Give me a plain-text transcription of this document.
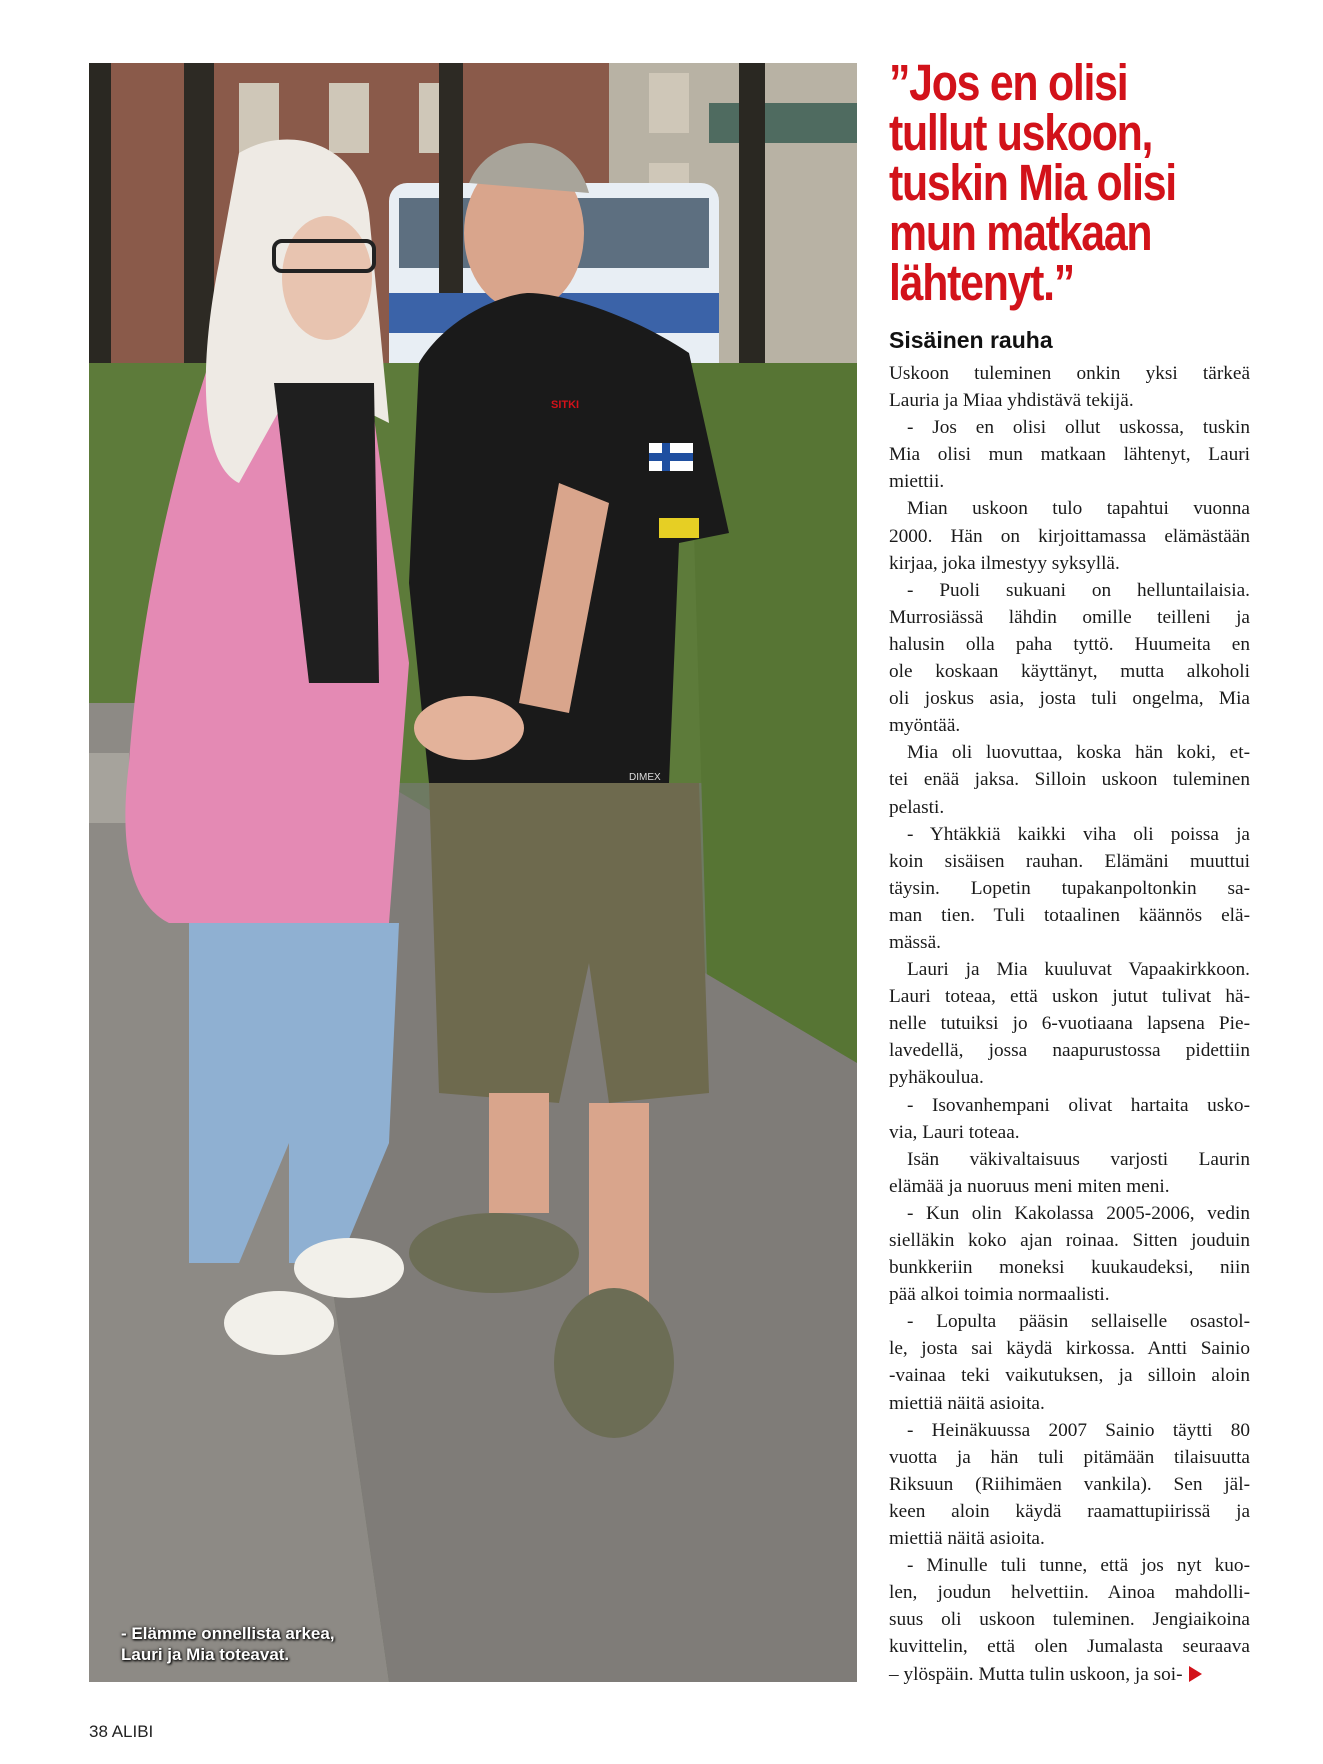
SITKI
DIMEX
- Elämme onnellista arkea,
Lauri ja Mia toteavat.
”Jos en olisi
tullut uskoon,
tuskin Mia olisi
mun matkaan
lähtenyt.”
Sisäinen rauha

Uskoon tuleminen onkin yksi tärkeä

Lauria ja Miaa yhdistävä tekijä.

- Jos en olisi ollut uskossa, tuskin

Mia olisi mun matkaan lähtenyt, Lauri

miettii.

Mian uskoon tulo tapahtui vuonna

2000. Hän on kirjoittamassa elämästään

kirjaa, joka ilmestyy syksyllä.

- Puoli sukuani on helluntailaisia.

Murrosiässä lähdin omille teilleni ja

halusin olla paha tyttö. Huumeita en

ole koskaan käyttänyt, mutta alkoholi

oli joskus asia, josta tuli ongelma, Mia

myöntää.

Mia oli luovuttaa, koska hän koki, et-

tei enää jaksa. Silloin uskoon tuleminen

pelasti.

- Yhtäkkiä kaikki viha oli poissa ja

koin sisäisen rauhan. Elämäni muuttui

täysin. Lopetin tupakanpoltonkin sa-

man tien. Tuli totaalinen käännös elä-

mässä.

Lauri ja Mia kuuluvat Vapaakirkkoon.

Lauri toteaa, että uskon jutut tulivat hä-

nelle tutuiksi jo 6-vuotiaana lapsena Pie-

lavedellä, jossa naapurustossa pidettiin

pyhäkoulua.

- Isovanhempani olivat hartaita usko-

via, Lauri toteaa.

Isän väkivaltaisuus varjosti Laurin

elämää ja nuoruus meni miten meni.

- Kun olin Kakolassa 2005-2006, vedin

sielläkin koko ajan roinaa. Sitten jouduin

bunkkeriin moneksi kuukaudeksi, niin

pää alkoi toimia normaalisti.

- Lopulta pääsin sellaiselle osastol-

le, josta sai käydä kirkossa. Antti Sainio

-vainaa teki vaikutuksen, ja silloin aloin

miettiä näitä asioita.

- Heinäkuussa 2007 Sainio täytti 80

vuotta ja hän tuli pitämään tilaisuutta

Riksuun (Riihimäen vankila). Sen jäl-

keen aloin käydä raamattupiirissä ja

miettiä näitä asioita.

- Minulle tuli tunne, että jos nyt kuo-

len, joudun helvettiin. Ainoa mahdolli-

suus oli uskoon tuleminen. Jengiaikoina

kuvittelin, että olen Jumalasta seuraava

– ylöspäin. Mutta tulin uskoon, ja soi-

38 ALIBI
